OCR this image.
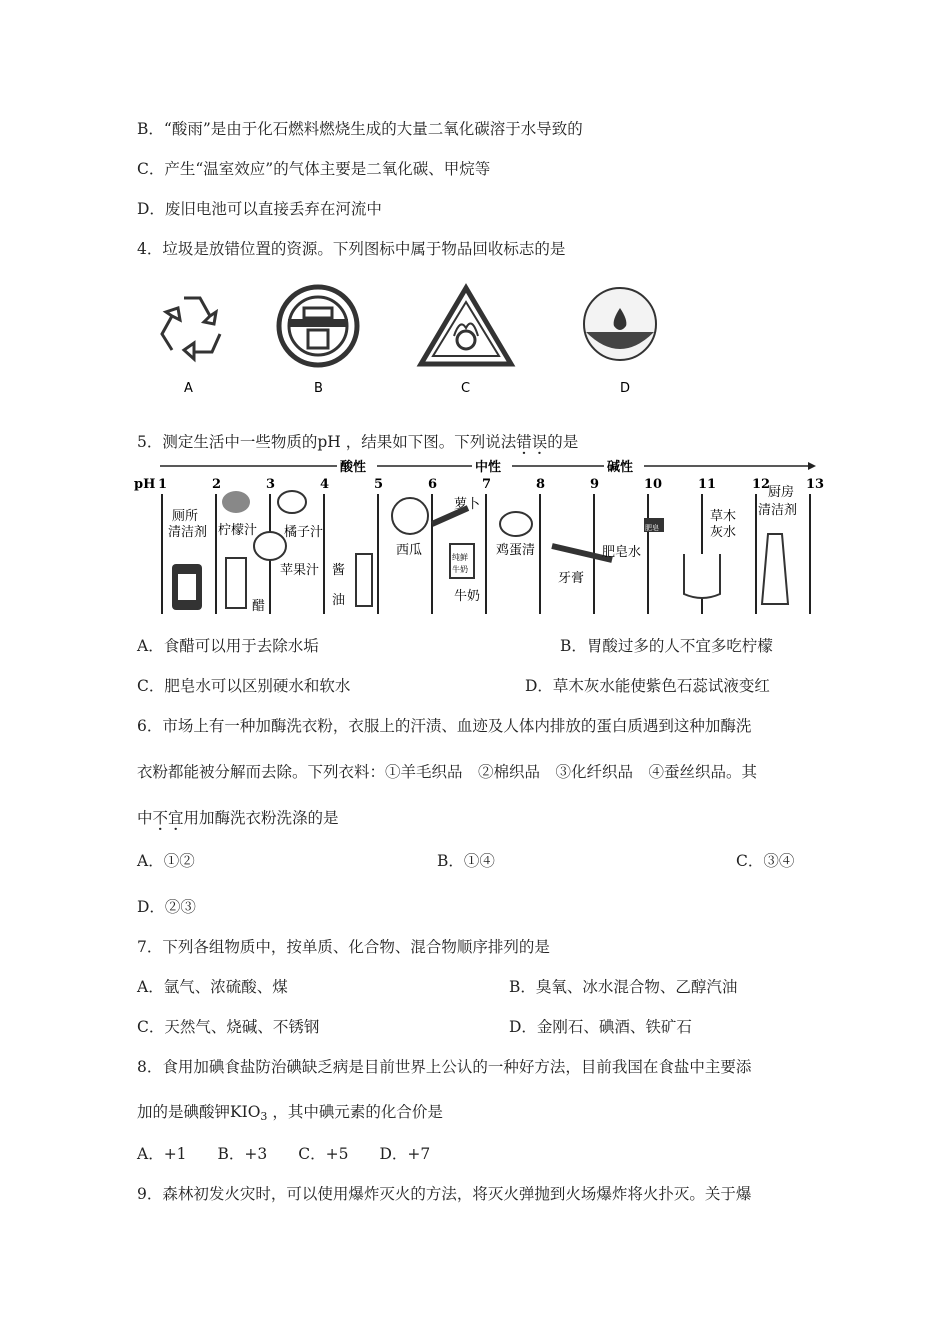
B．“酸雨”是由于化石燃料燃烧生成的大量二氧化碳溶于水导致的
C．产生“温室效应”的气体主要是二氧化碳、甲烷等
D．废旧电池可以直接丢弃在河流中
4．垃圾是放错位置的资源。下列图标中属于物品回收标志的是
A	B	C	D
5．测定生活中一些物质的pH ，结果如下图。下列说法错误的是
酸性	中性	碱性
pH 1	2	3	4	5	6	7	8	9	10	11	12	13
厕所
清洁剂 柠檬汁 橘子汁
苹果汁
醋
酱
油
西瓜
萝卜
纯鲜
牛奶
牛奶
鸡蛋清
牙膏
肥皂
肥皂水
草木
灰水
厨房
清洁剂
A．食醋可以用于去除水垢	B．胃酸过多的人不宜多吃柠檬
C．肥皂水可以区别硬水和软水	D．草木灰水能使紫色石蕊试液变红
6．市场上有一种加酶洗衣粉，衣服上的汗渍、血迹及人体内排放的蛋白质遇到这种加酶洗
衣粉都能被分解而去除。下列衣料：①羊毛织品　②棉织品　③化纤织品　④蚕丝织品。其
中不宜用加酶洗衣粉洗涤的是
A．①②	B．①④	C．③④
D．②③
7．下列各组物质中，按单质、化合物、混合物顺序排列的是
A．氩气、浓硫酸、煤	B．臭氧、冰水混合物、乙醇汽油
C．天然气、烧碱、不锈钢	D．金刚石、碘酒、铁矿石
8．食用加碘食盐防治碘缺乏病是目前世界上公认的一种好方法，目前我国在食盐中主要添
加的是碘酸钾$KIO_3$ ，其中碘元素的化合价是
A．+1　　B．+3　　C．+5　　D．+7
9．森林初发火灾时，可以使用爆炸灭火的方法，将灭火弹抛到火场爆炸将火扑灭。关于爆
